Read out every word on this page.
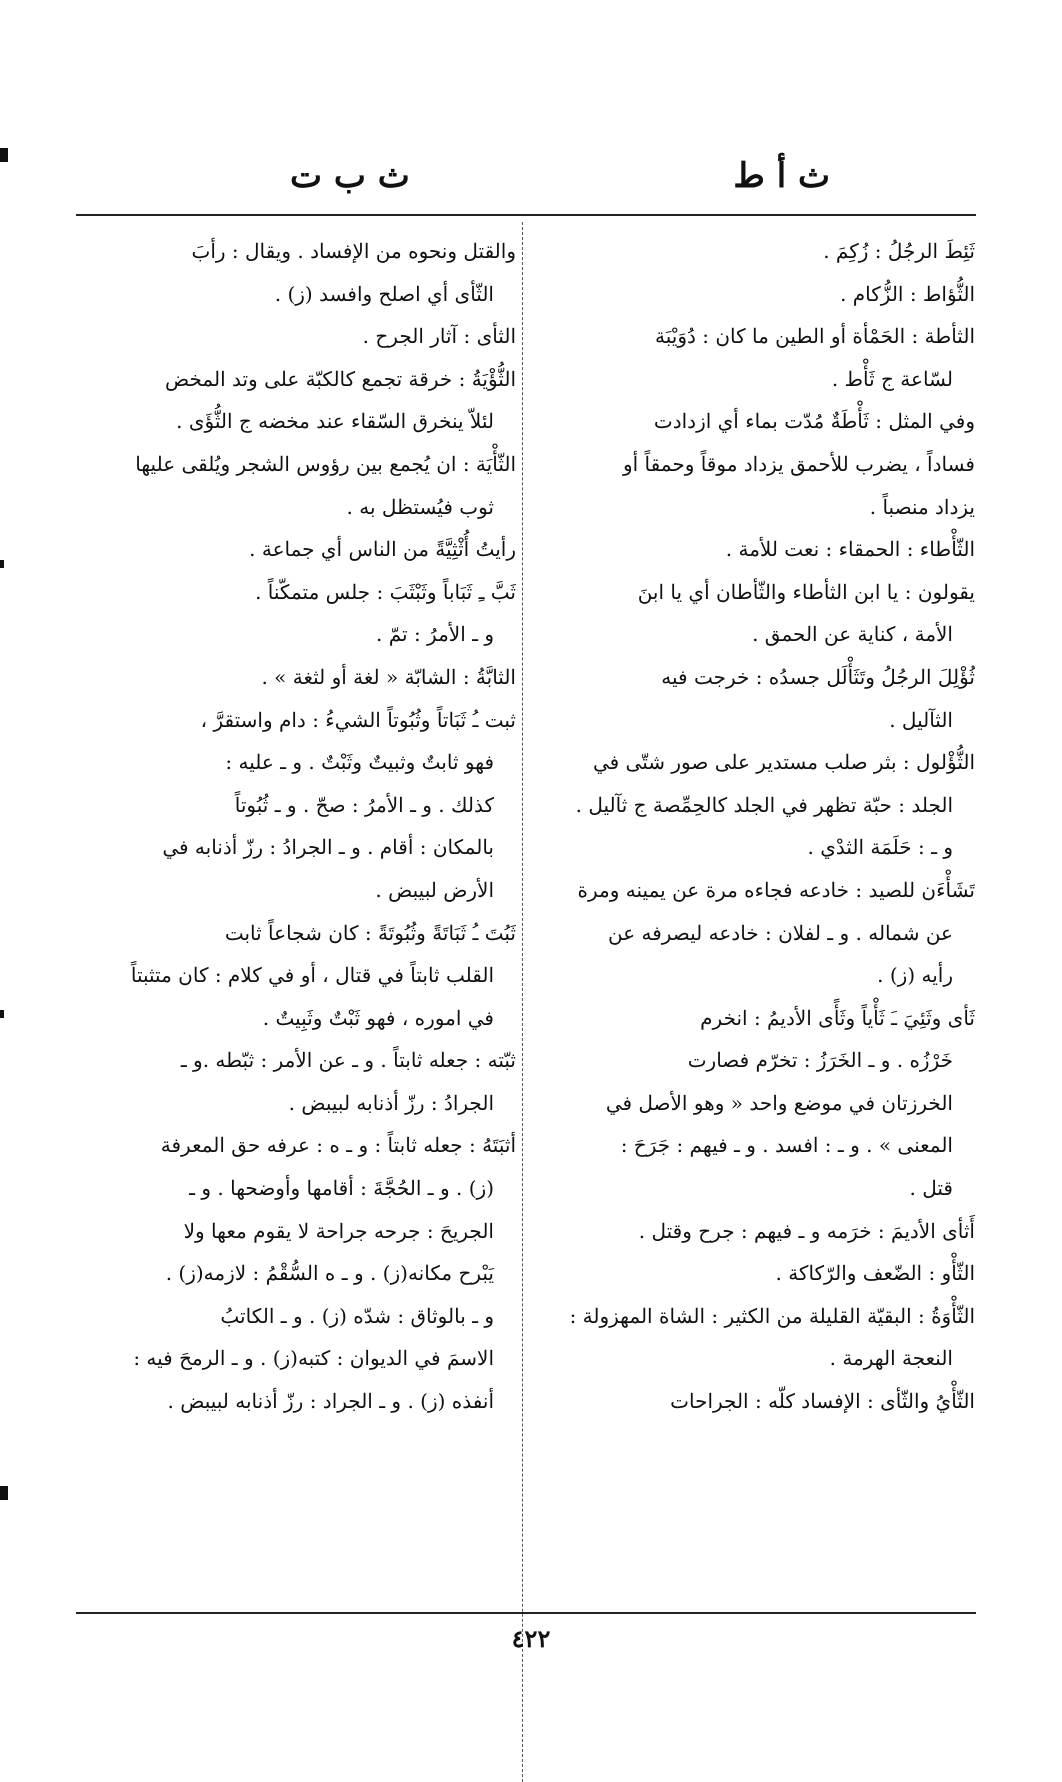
ث أ ط
ث ب ت
ثَئِطَ الرجُلُ : زُكِمَ .
الثُّؤاط : الزُّكام .
الثأطة : الحَمْأة أو الطين ما كان : دُوَيْبَة
لسّاعة ج ثَأْط .
وفي المثل : ثَأْطَةٌ مُدّت بماء أي ازدادت
فساداً ، يضرب للأحمق يزداد موقاً وحمقاً أو
يزداد منصباً .
الثّأْطاء : الحمقاء : نعت للأمة .
يقولون : يا ابن الثأطاء والثّأطان أي يا ابنَ
الأمة ، كناية عن الحمق .
ثُؤْلِلَ الرجُلُ وتَثَأْلَل جسدُه : خرجت فيه
الثآليل .
الثُّؤْلول : بثر صلب مستدير على صور شتّى في
الجلد : حبّة تظهر في الجلد كالحِمِّصة ج ثآليل .
و ـ : حَلَمَة الثدْي .
تَشَأْءَن للصيد : خادعه فجاءه مرة عن يمينه ومرة
عن شماله . و ـ لفلان : خادعه ليصرفه عن
رأيه (ز) .
ثَأى وثَئِيَ ـَ ثَأْياً وثَأًى الأديمُ : انخرم
خَرْزُه . و ـ الخَرَزُ : تخرّم فصارت
الخرزتان في موضع واحد « وهو الأصل في
المعنى » . و ـ : افسد . و ـ فيهم : جَرَحَ :
قتل .
أَثأى الأديمَ : خرَمه و ـ فيهم : جرح وقتل .
الثّأْو : الضّعف والرّكاكة .
الثّأْوَةُ : البقيّة القليلة من الكثير : الشاة المهزولة :
النعجة الهرمة .
الثّأْيُ والثّأى : الإفساد كلّه : الجراحات
والقتل ونحوه من الإفساد . ويقال : رأبَ
الثّأى أي اصلح وافسد (ز) .
الثأى : آثار الجرح .
الثُّؤْيَةُ : خرقة تجمع كالكبّة على وتد المخض
لئلاّ ينخرق السّقاء عند مخضه ج الثُّؤَى .
الثّأْيَة : ان يُجمع بين رؤوس الشجر ويُلقى عليها
ثوب فيُستظل به .
رأيتُ أُثْثِيَّةً من الناس أي جماعة .
ثَبَّ ـِ ثَبَاباً وثَبْثَبَ : جلس متمكّناً .
و ـ الأمرُ : تمّ .
الثابَّةُ : الشابّة « لغة أو لثغة » .
ثبت ـُ ثَبَاتاً وثُبُوتاً الشيءُ : دام واستقرَّ ،
فهو ثابتٌ وثبيتٌ وثَبْتٌ . و ـ عليه :
كذلك . و ـ الأمرُ : صحّ . و ـ ثُبُوتاً
بالمكان : أقام . و ـ الجرادُ : رزّ أذنابه في
الأرض لبيبض .
ثَبُتَ ـُ ثَبَاتَةً وثُبُوتَةً : كان شجاعاً ثابت
القلب ثابتاً في قتال ، أو في كلام : كان متثبتاً
في اموره ، فهو ثَبْتٌ وثَبِيتٌ .
ثبّته : جعله ثابتاً . و ـ عن الأمر : ثبّطه .و ـ
الجرادُ : رزّ أذنابه لبيبض .
أثبَتَهُ : جعله ثابتاً : و ـ ه : عرفه حق المعرفة
(ز) . و ـ الحُجَّةَ : أقامها وأوضحها . و ـ
الجريحَ : جرحه جراحة لا يقوم معها ولا
يَبْرح مكانه(ز) . و ـ ه السُّقْمُ : لازمه(ز) .
و ـ بالوثاق : شدّه (ز) . و ـ الكاتبُ
الاسمَ في الديوان : كتبه(ز) . و ـ الرمحَ فيه :
أنفذه (ز) . و ـ الجراد : رزّ أذنابه لبيبض .
٤٢٢
